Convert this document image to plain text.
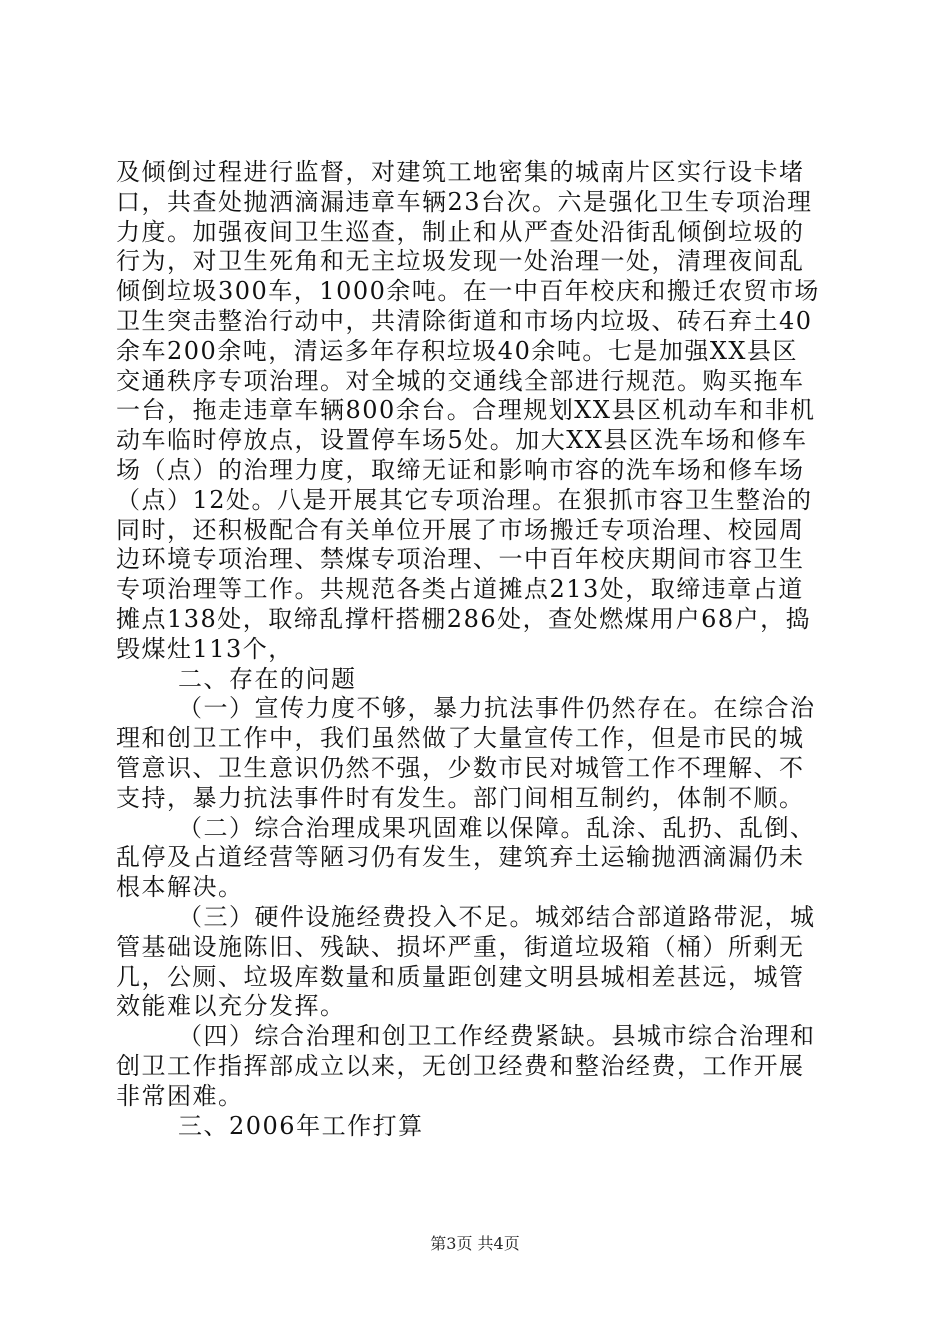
及倾倒过程进行监督，对建筑工地密集的城南片区实行设卡堵
口，共查处抛洒滴漏违章车辆23台次。六是强化卫生专项治理
力度。加强夜间卫生巡查，制止和从严查处沿街乱倾倒垃圾的
行为，对卫生死角和无主垃圾发现一处治理一处，清理夜间乱
倾倒垃圾300车，1000余吨。在一中百年校庆和搬迁农贸市场
卫生突击整治行动中，共清除街道和市场内垃圾、砖石弃土40
余车200余吨，清运多年存积垃圾40余吨。七是加强XX县区
交通秩序专项治理。对全城的交通线全部进行规范。购买拖车
一台，拖走违章车辆800余台。合理规划XX县区机动车和非机
动车临时停放点，设置停车场5处。加大XX县区洗车场和修车
场（点）的治理力度，取缔无证和影响市容的洗车场和修车场
（点）12处。八是开展其它专项治理。在狠抓市容卫生整治的
同时，还积极配合有关单位开展了市场搬迁专项治理、校园周
边环境专项治理、禁煤专项治理、一中百年校庆期间市容卫生
专项治理等工作。共规范各类占道摊点213处，取缔违章占道
摊点138处，取缔乱撑杆搭棚286处，查处燃煤用户68户，捣
毁煤灶113个，
二、存在的问题
（一）宣传力度不够，暴力抗法事件仍然存在。在综合治
理和创卫工作中，我们虽然做了大量宣传工作，但是市民的城
管意识、卫生意识仍然不强，少数市民对城管工作不理解、不
支持，暴力抗法事件时有发生。部门间相互制约，体制不顺。
（二）综合治理成果巩固难以保障。乱涂、乱扔、乱倒、
乱停及占道经营等陋习仍有发生，建筑弃土运输抛洒滴漏仍未
根本解决。
（三）硬件设施经费投入不足。城郊结合部道路带泥，城
管基础设施陈旧、残缺、损坏严重，街道垃圾箱（桶）所剩无
几，公厕、垃圾库数量和质量距创建文明县城相差甚远，城管
效能难以充分发挥。
（四）综合治理和创卫工作经费紧缺。县城市综合治理和
创卫工作指挥部成立以来，无创卫经费和整治经费，工作开展
非常困难。
三、2006年工作打算
第3页 共4页
